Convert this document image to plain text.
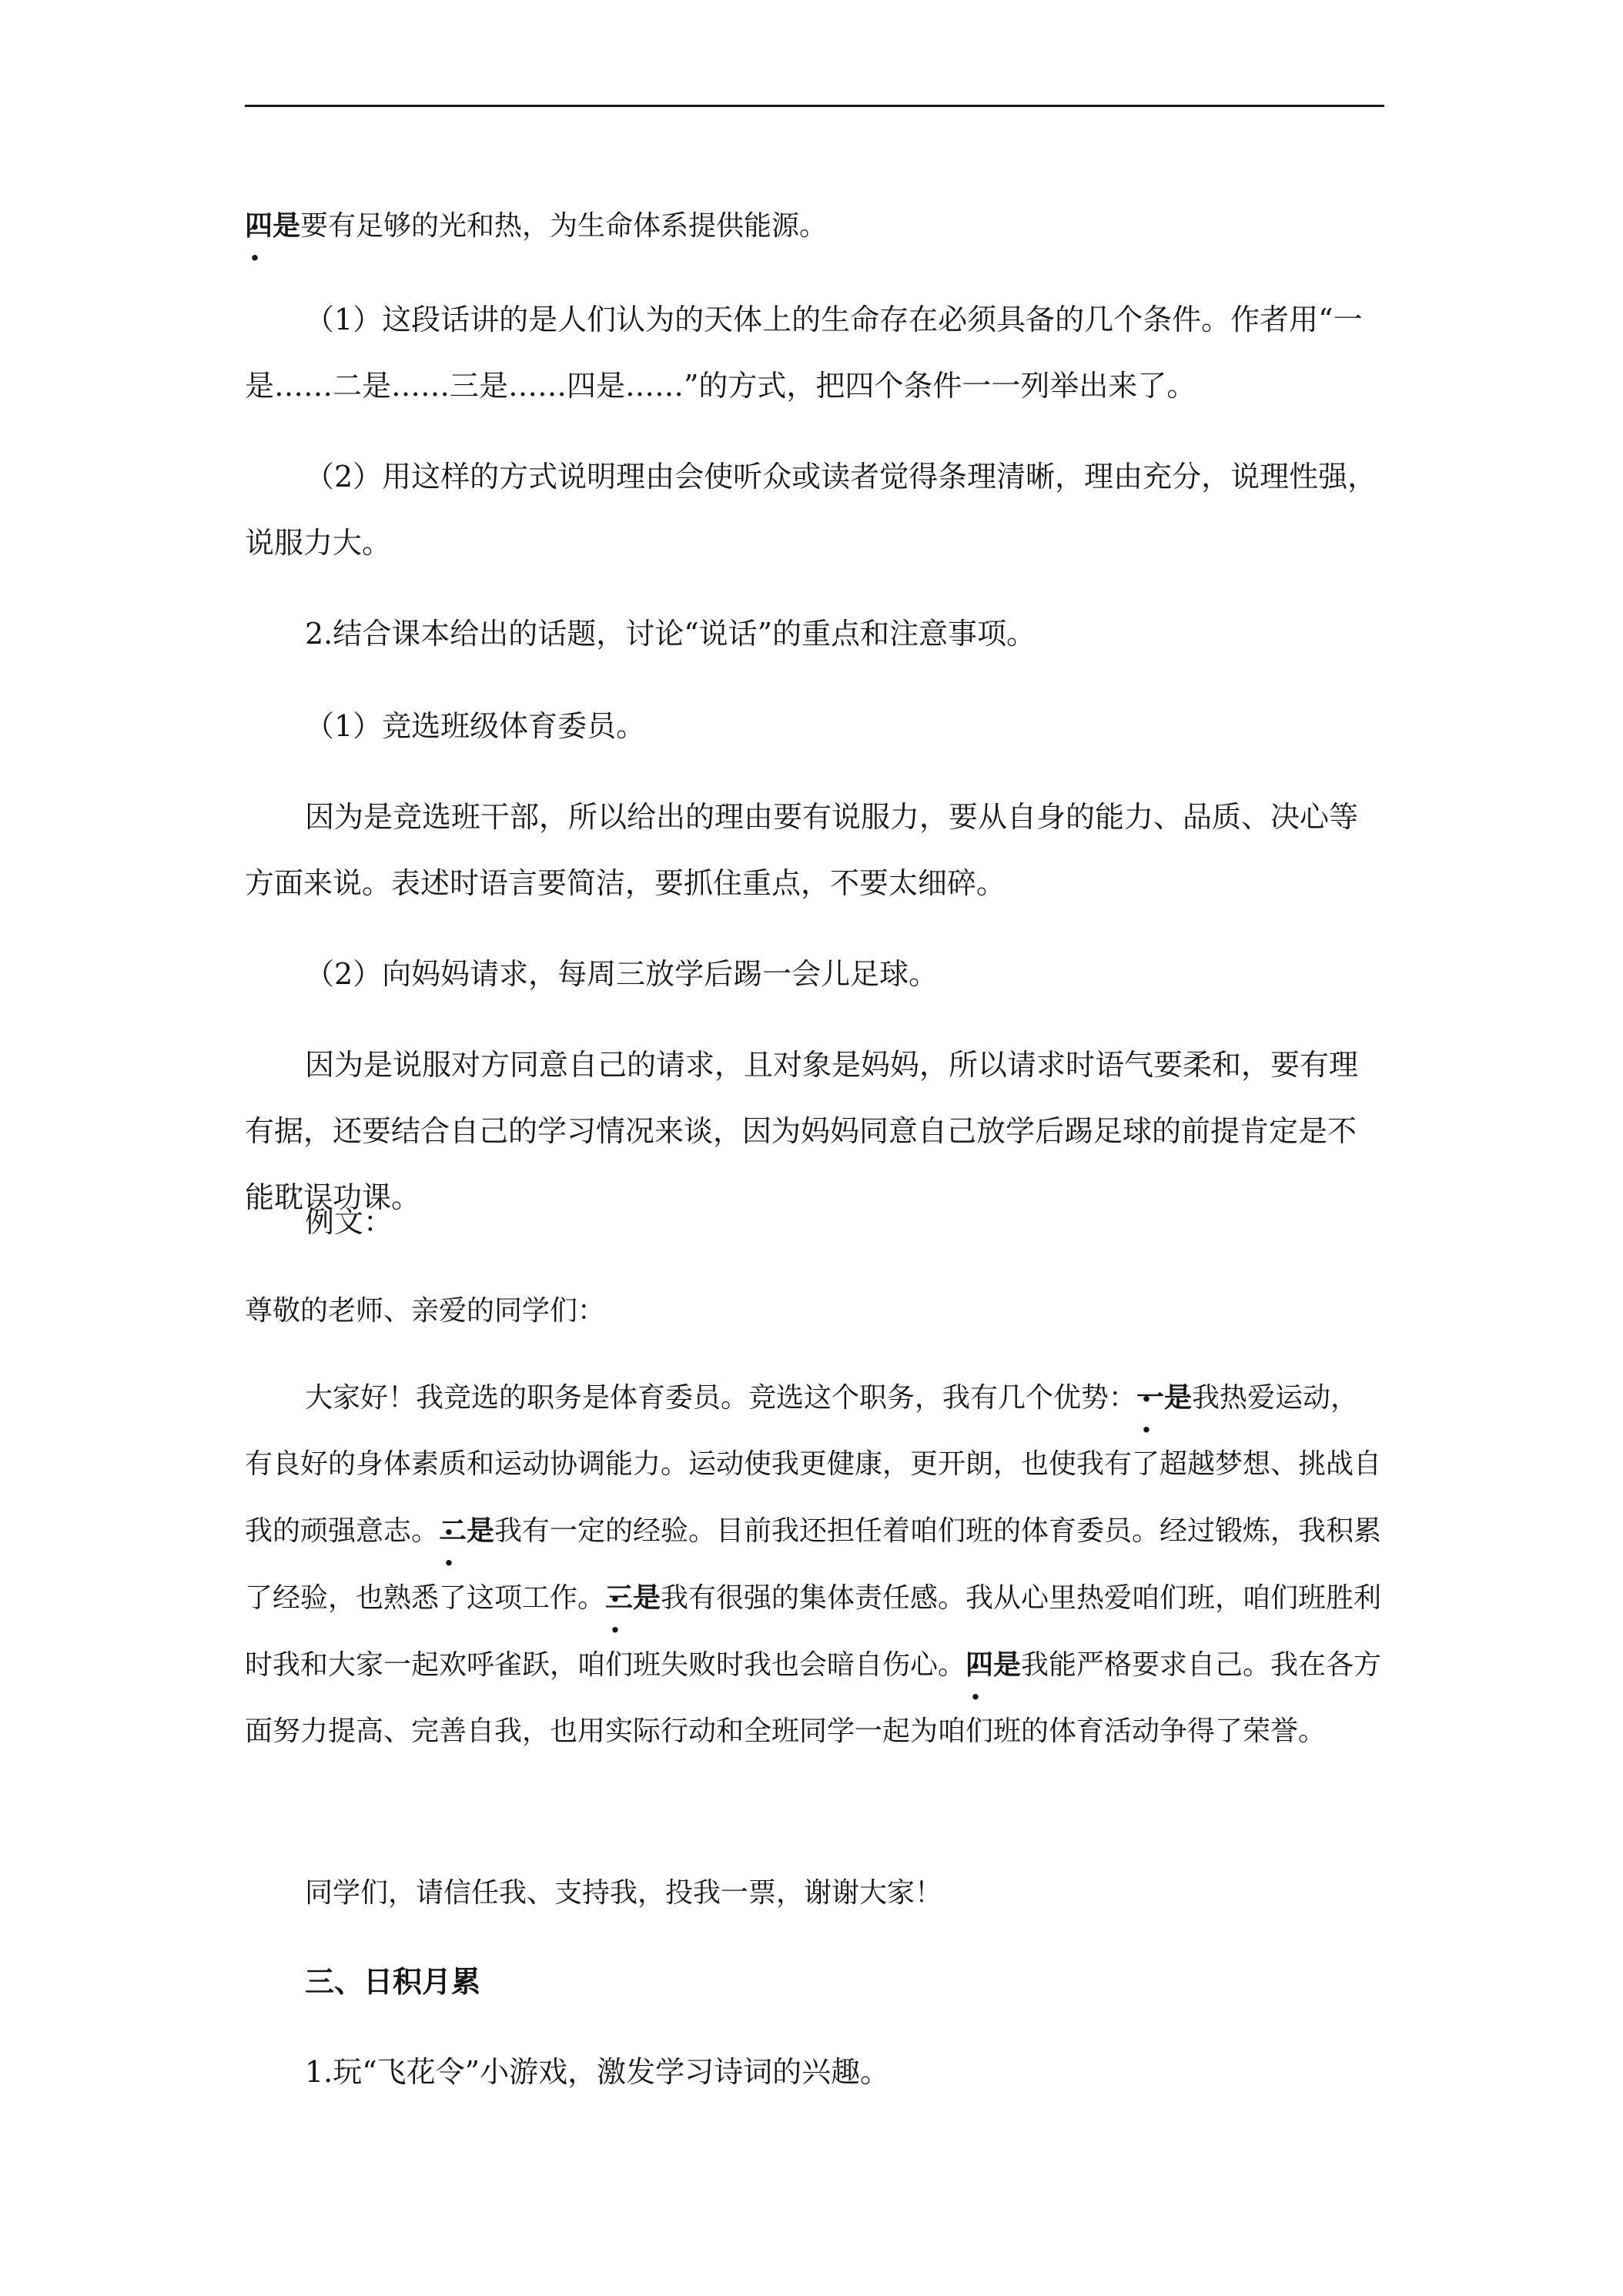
四是 · ·要有足够的光和热，为生命体系提供能源。

（1）这段话讲的是人们认为的天体上的生命存在必须具备的几个条件。作者用“一是……二是……三是……四是……”的方式，把四个条件一一列举出来了。

（2）用这样的方式说明理由会使听众或读者觉得条理清晰，理由充分，说理性强，说服力大。

2.结合课本给出的话题，讨论“说话”的重点和注意事项。

（1）竞选班级体育委员。

因为是竞选班干部，所以给出的理由要有说服力，要从自身的能力、品质、决心等方面来说。表述时语言要简洁，要抓住重点，不要太细碎。

（2）向妈妈请求，每周三放学后踢一会儿足球。

因为是说服对方同意自己的请求，且对象是妈妈，所以请求时语气要柔和，要有理有据，还要结合自己的学习情况来谈，因为妈妈同意自己放学后踢足球的前提肯定是不能耽误功课。

例文：

尊敬的老师、亲爱的同学们：

大家好！我竞选的职务是体育委员。竞选这个职务，我有几个优势：一是 · ·我热爱运动，有良好的身体素质和运动协调能力。运动使我更健康，更开朗，也使我有了超越梦想、挑战自我的顽强意志。二是 · ·我有一定的经验。目前我还担任着咱们班的体育委员。经过锻炼，我积累了经验，也熟悉了这项工作。三是 · ·我有很强的集体责任感。我从心里热爱咱们班，咱们班胜利时我和大家一起欢呼雀跃，咱们班失败时我也会暗自伤心。四是 · ·我能严格要求自己。我在各方面努力提高、完善自我，也用实际行动和全班同学一起为咱们班的体育活动争得了荣誉。

同学们，请信任我、支持我，投我一票，谢谢大家！

三、日积月累

1.玩“飞花令”小游戏，激发学习诗词的兴趣。
